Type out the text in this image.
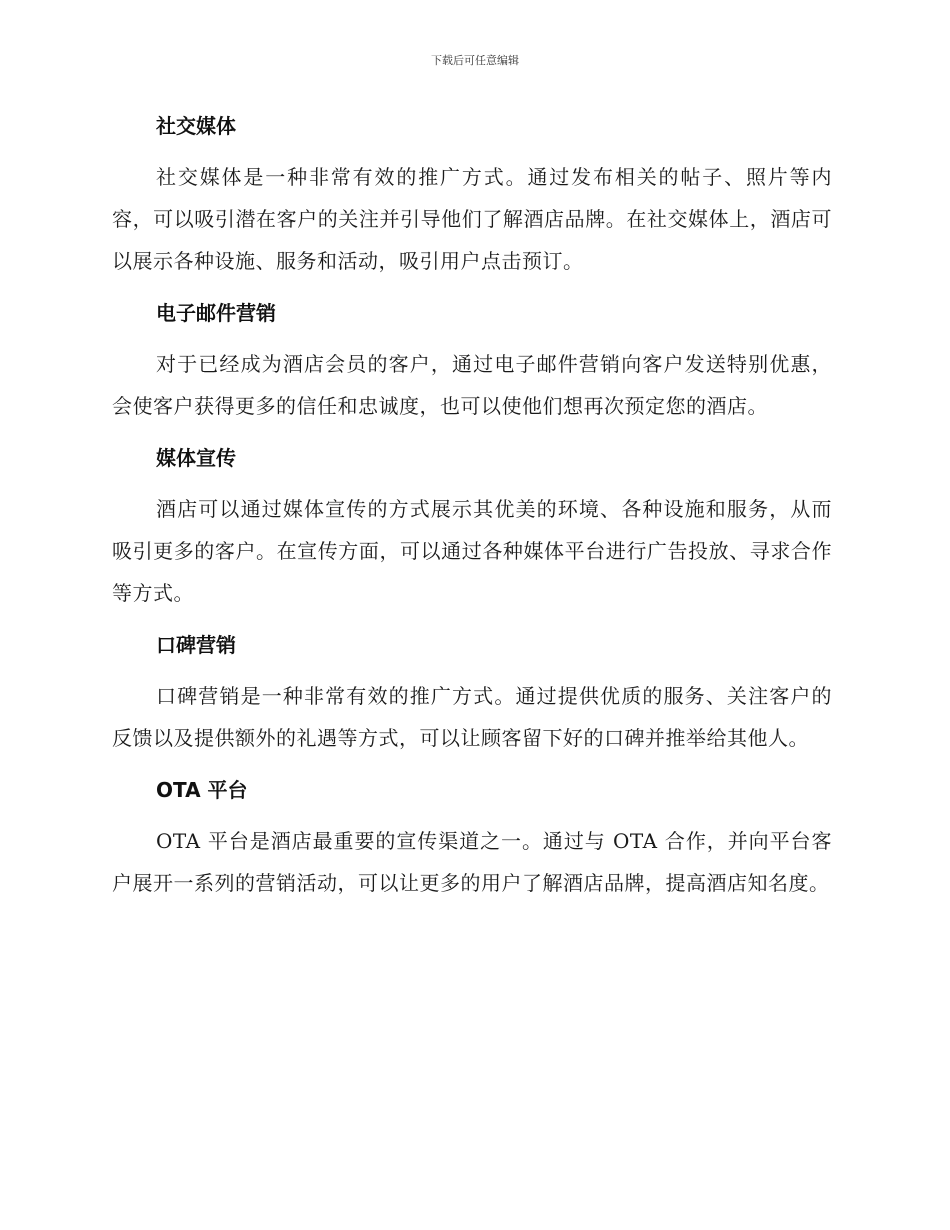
下载后可任意编辑
社交媒体

社交媒体是一种非常有效的推广方式。通过发布相关的帖子、照片等内容，可以吸引潜在客户的关注并引导他们了解酒店品牌。在社交媒体上，酒店可以展示各种设施、服务和活动，吸引用户点击预订。

电子邮件营销

对于已经成为酒店会员的客户，通过电子邮件营销向客户发送特别优惠，会使客户获得更多的信任和忠诚度，也可以使他们想再次预定您的酒店。

媒体宣传

酒店可以通过媒体宣传的方式展示其优美的环境、各种设施和服务，从而吸引更多的客户。在宣传方面，可以通过各种媒体平台进行广告投放、寻求合作等方式。

口碑营销

口碑营销是一种非常有效的推广方式。通过提供优质的服务、关注客户的反馈以及提供额外的礼遇等方式，可以让顾客留下好的口碑并推举给其他人。

OTA 平台

OTA 平台是酒店最重要的宣传渠道之一。通过与 OTA 合作，并向平台客户展开一系列的营销活动，可以让更多的用户了解酒店品牌，提高酒店知名度。
